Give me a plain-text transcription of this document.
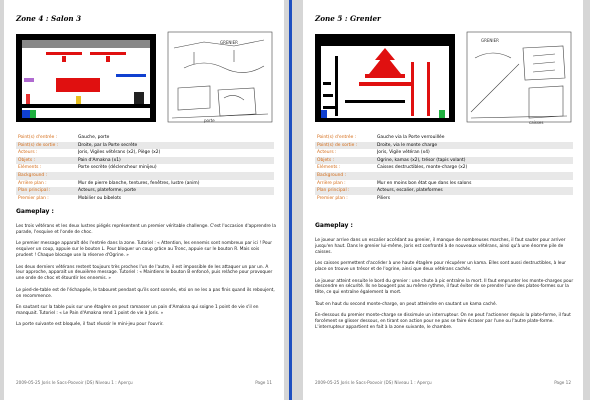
Zone 4 : Salon 3
GRENIER
porte
Point(s) d'entrée :	Gauche, porte
Point(s) de sortie :	Droite, par la Porte secrète
Acteurs :	Joris, Vigiles vétérans (x2), Piège (x2)
Objets :	Pain d'Amakna (x1)
Eléments :	Porte secrète (déclencheur minijeu)
Background :
Arrière plan :	Mur de pierre blanche, tentures, fenêtres, lustre (anim)
Plan principal :	Acteurs, plateforme, porte
Premier plan :	Mobilier ou bibelots
Gameplay :

Les trois vétérans et les deux lustres piégés représentent un premier véritable challenge. C'est l'occasion d'apprendre la parade, l'esquive et l'onde de choc.

Le premier message apparaît dès l'entrée dans la zone. Tutoriel : « Attention, les ennemis sont nombreux par ici ! Pour esquiver un coup, appuie sur le bouton L. Pour bloquer un coup grâce au Tronc, appuie sur le bouton R. Mais sois prudent ! Chaque blocage use la réserve d'Ogrine. »

Les deux derniers vétérans restent toujours très proches l'un de l'autre, il est impossible de les attaquer un par un. A leur approche, apparaît un deuxième message. Tutoriel : « Maintiens le bouton B enfoncé, puis relâche pour provoquer une onde de choc et étourdir les ennemis. »

Le pied-de-table est de l'échappée, le tabouret pendant qu'ils sont sonnés, etsi on ne les a pas finis quand ils reboujent, on recommence.

En sautant sur la table puis sur une étagère on peut ramasser un pain d'Amakna qui soigne 1 point de vie s'il en manquait. Tutoriel : « Le Pain d'Amakna rend 1 point de vie à Joris. »

La porte suivante est bloquée, il faut réussir le mini-jeu pour l'ouvrir.

2009-05-25 Joris le Sacs-Poovoir (DS) Niveau 1 : Aperçu	Page 11
Zone 5 : Grenier
GRENIER
caisses
Point(s) d'entrée :	Gauche via la Porte verrouillée
Point(s) de sortie :	Droite, via le monte charge
Acteurs :	Joris, Vigile vétéran (x4)
Objets :	Ogrine, kamas (x2), trésor (tapis volant)
Eléments :	Caisses destructibles, monte-charge (x2)
Background :
Arrière plan :	Mur en moins bon état que dans les salons
Plan principal :	Acteurs, escalier, plateformes
Premier plan :	Piliers
Gameplay :

Le joueur arrive dans un escalier accédant au grenier, il manque de nombreuses marches, il faut sauter pour arriver jusqu'en haut. Dans le grenier lui-même, Joris est confronté à de nouveaux vétérans, ainsi qu'à une énorme pile de caisses.

Les caisses permettent d'accéder à une haute étagère pour récupérer un kama. Elles sont aussi destructibles, à leur place on trouve un trésor et de l'ogrine, ainsi que deux vétérans cachés.

Le joueur atteint ensuite le bord du grenier : une chute à pic entraîne la mort. Il faut emprunter les monte-charges pour descendre en sécurité. Ils ne bougent pas au même rythme, il faut éviter de se prendre l'une des plates-formes sur la tête, ce qui entraîne également la mort.

Tout en haut du second monte-charge, on peut atteindre en sautant un kama caché.

En-dessous du premier monte-charge se dissimule un interrupteur. On ne peut l'actionner depuis la plate-forme, il faut forcément se glisser dessous, en tirant son action pour ne pas se faire écraser par l'une ou l'autre plate-forme. L'interrupteur appartient en fait à la zone suivante, le chambre.

2009-05-25 Joris le Sacs-Poovoir (DS) Niveau 1 : Aperçu	Page 12
